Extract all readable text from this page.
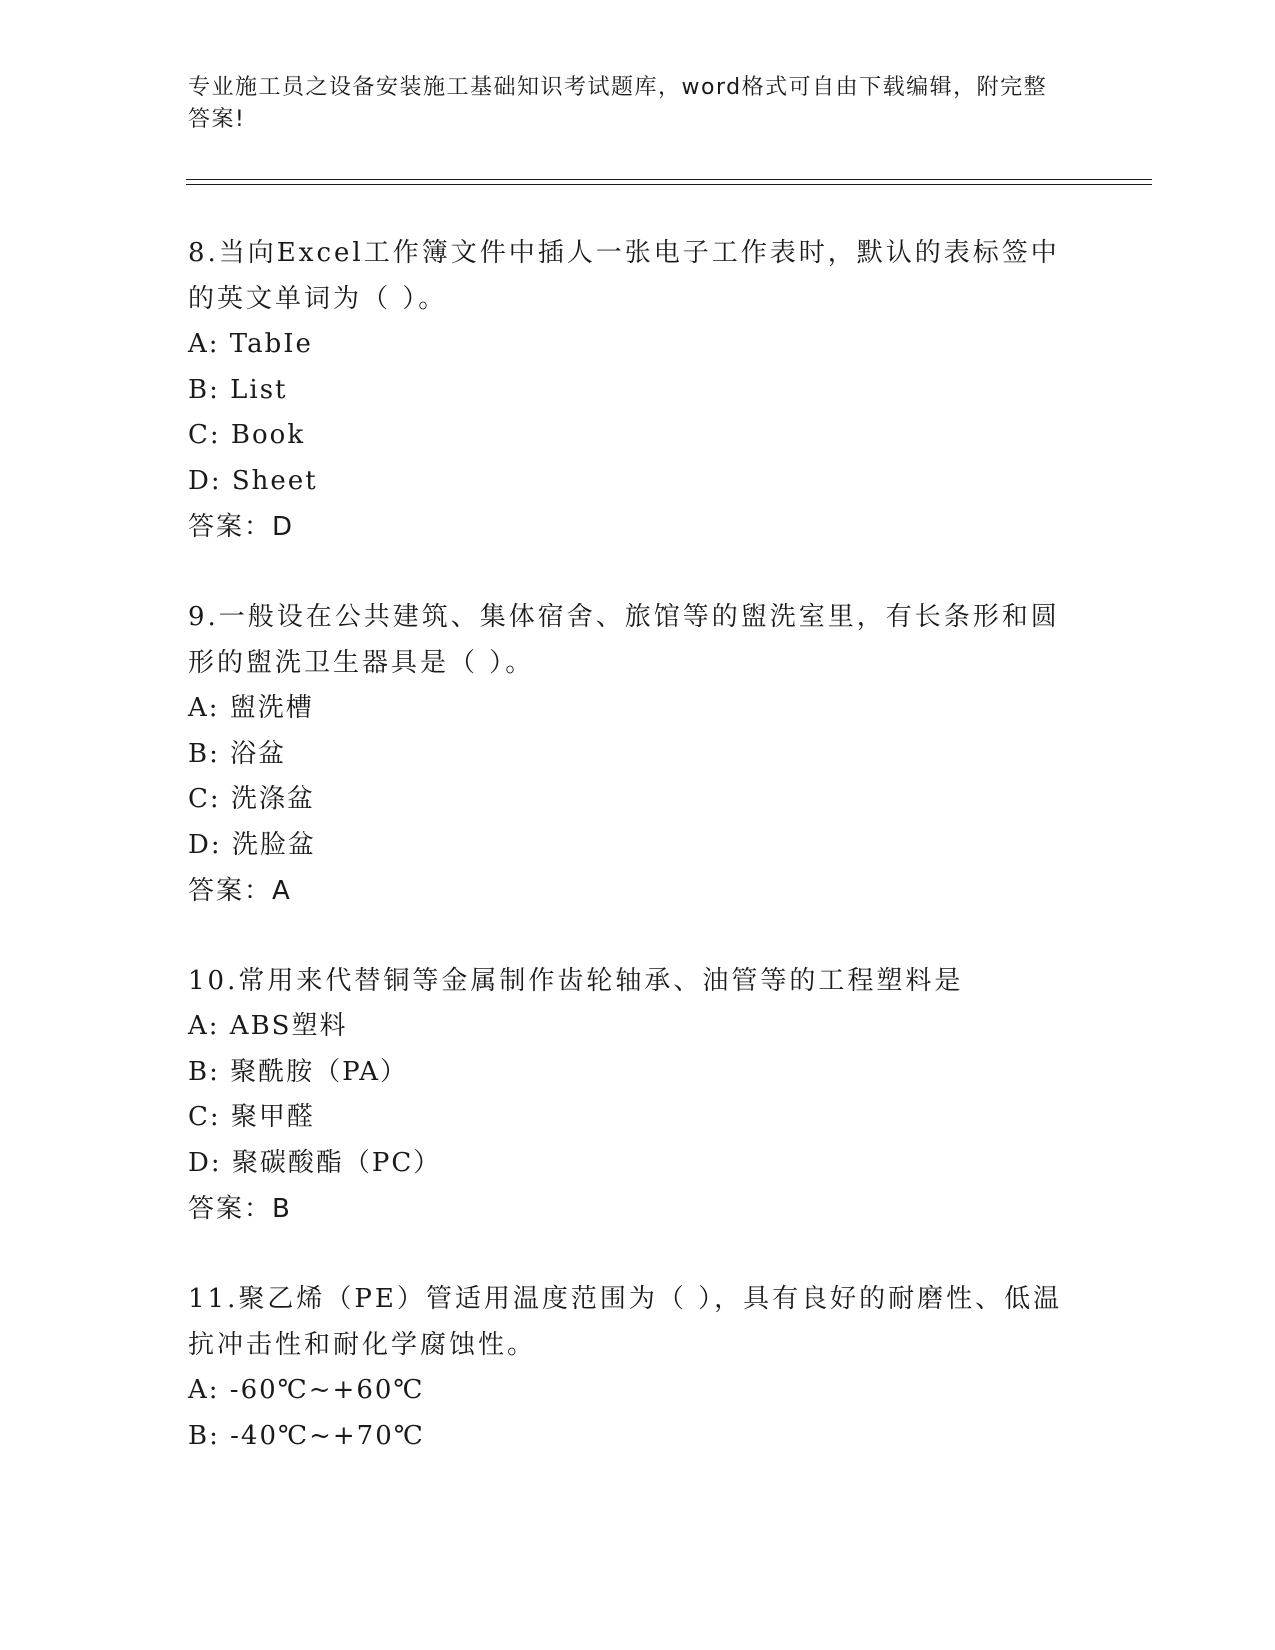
专业施工员之设备安装施工基础知识考试题库，word格式可自由下载编辑，附完整答案!

8.当向Excel工作簿文件中插人一张电子工作表时，默认的表标签中的英文单词为（ ）。

A: TabIe

B: List

C: Book

D: Sheet

答案：D

9.一般设在公共建筑、集体宿舍、旅馆等的盥洗室里，有长条形和圆形的盥洗卫生器具是（ ）。

A: 盥洗槽

B: 浴盆

C: 洗涤盆

D: 洗脸盆

答案：A

10.常用来代替铜等金属制作齿轮轴承、油管等的工程塑料是

A: ABS塑料

B: 聚酰胺（PA）

C: 聚甲醛

D: 聚碳酸酯（PC）

答案：B

11.聚乙烯（PE）管适用温度范围为（ ），具有良好的耐磨性、低温抗冲击性和耐化学腐蚀性。

A: -60℃~+60℃

B: -40℃~+70℃
